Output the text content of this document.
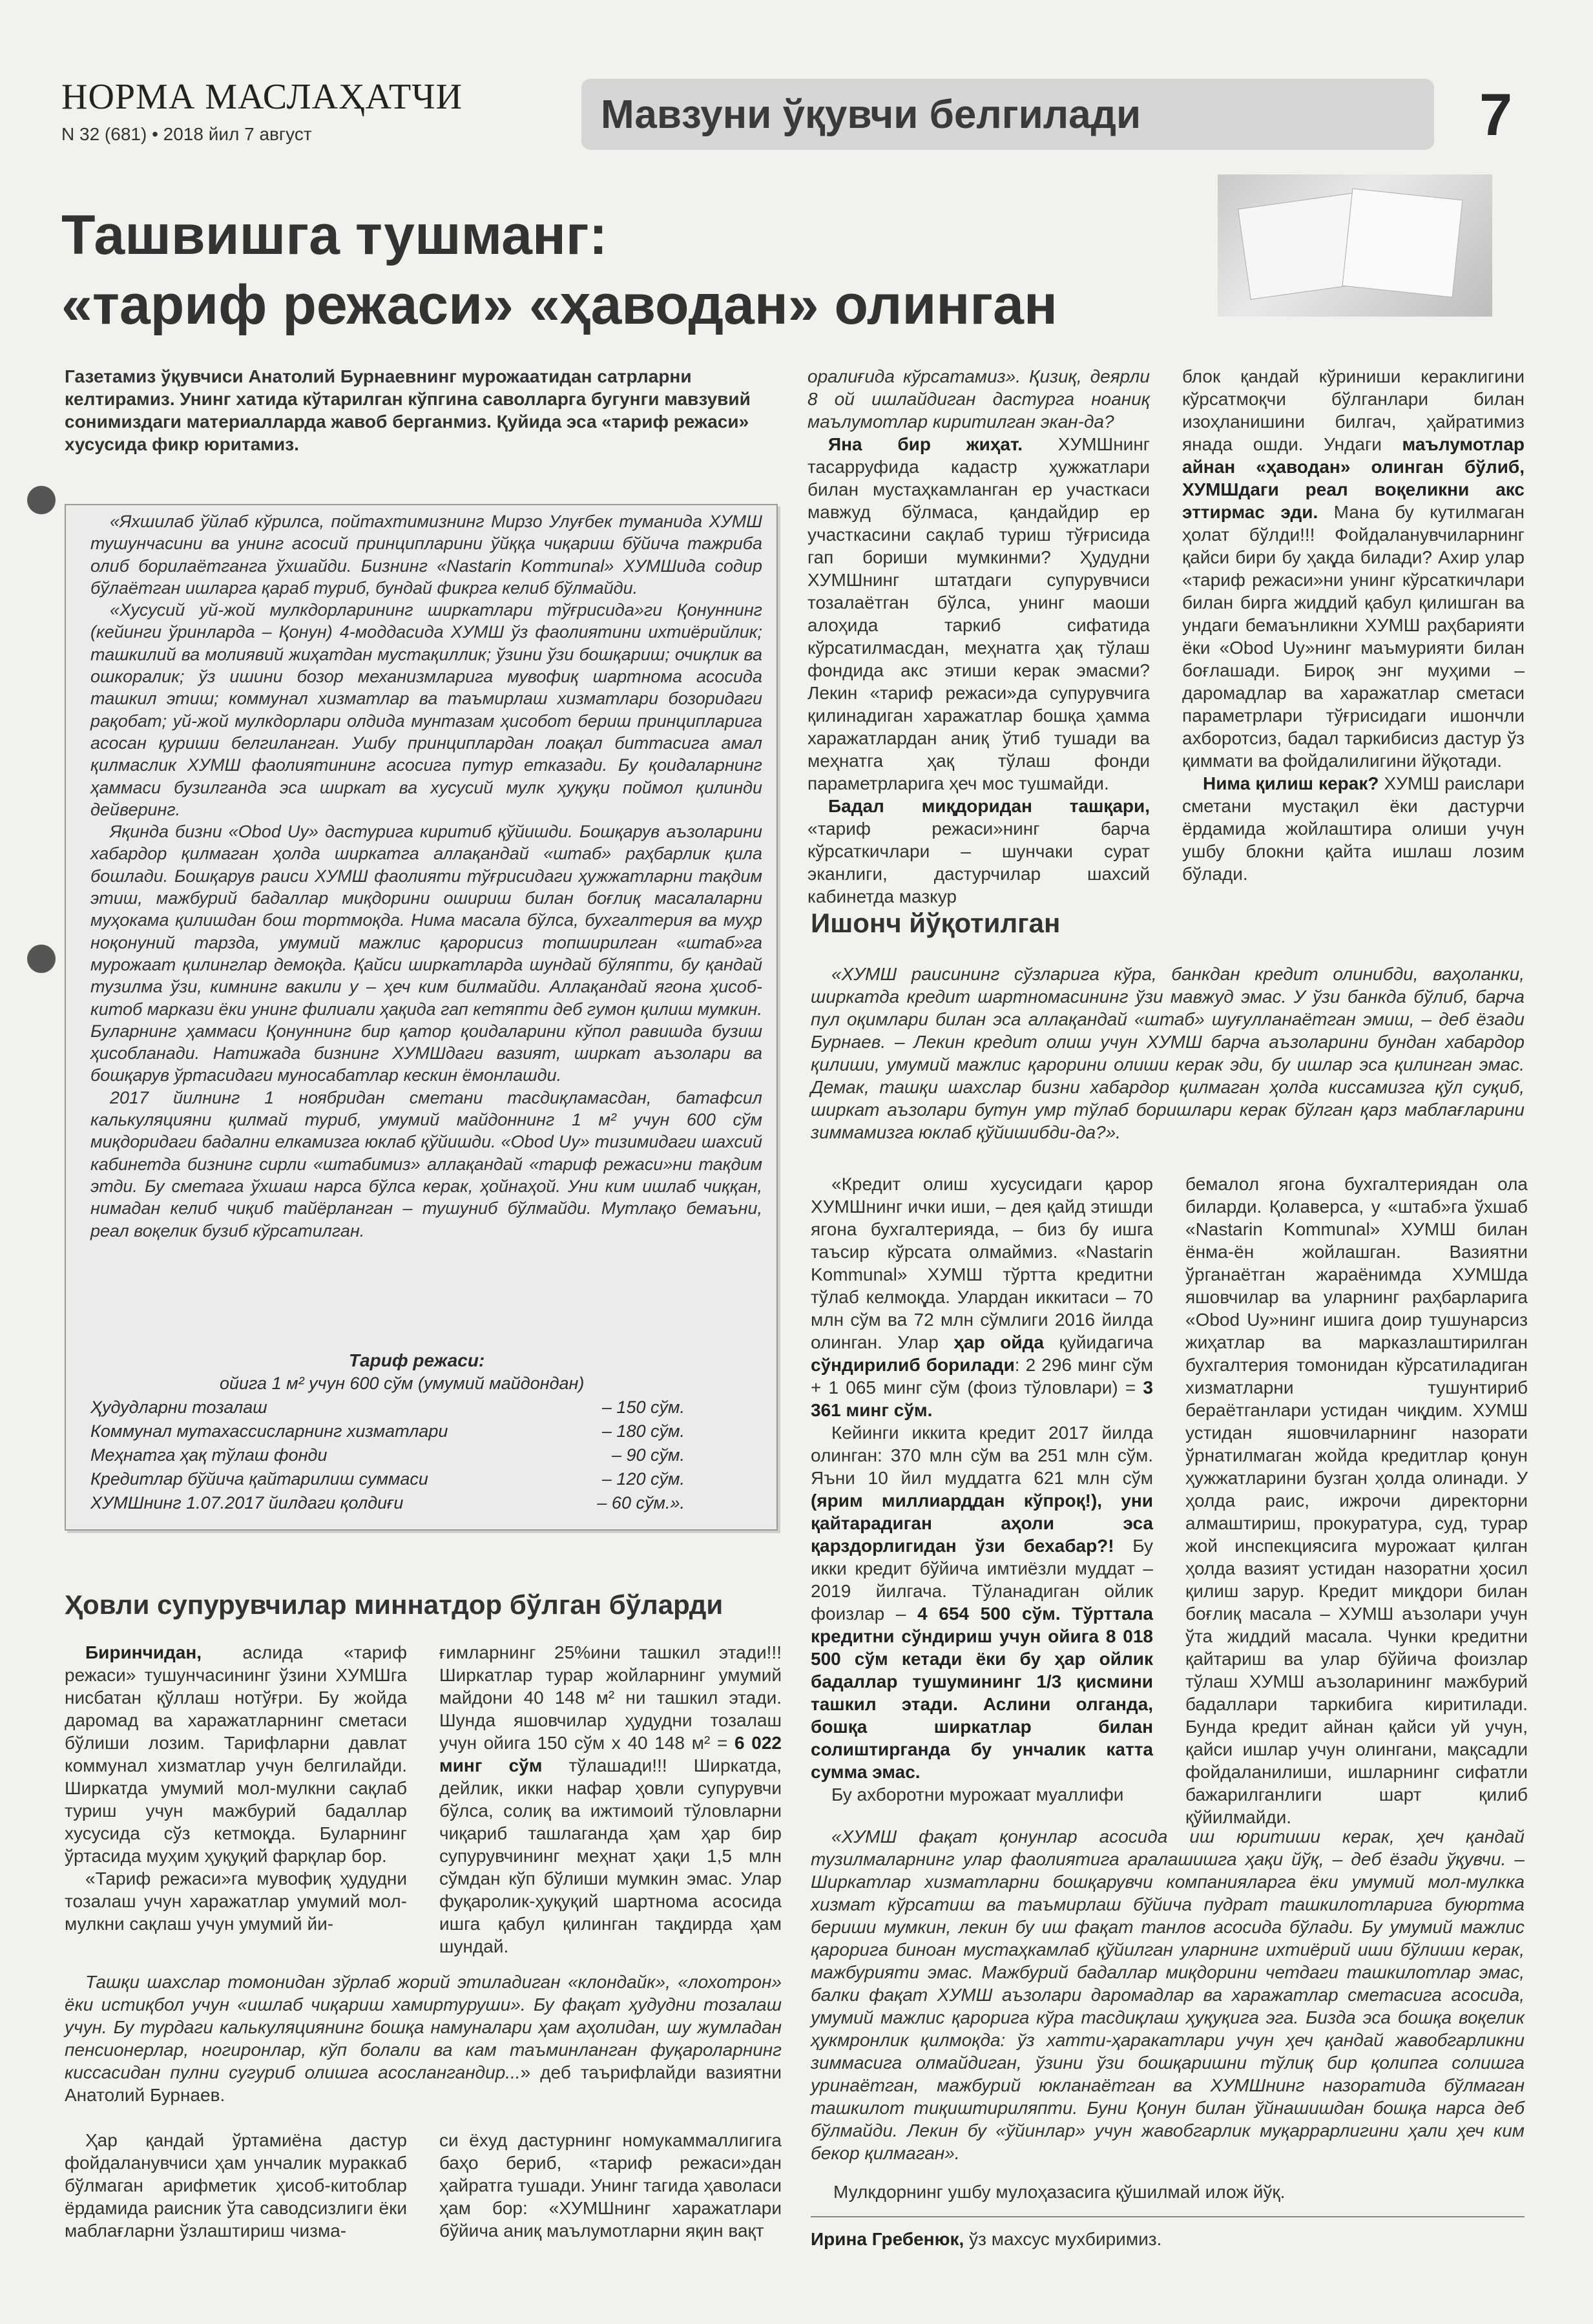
НОРМА МАСЛАҲАТЧИ
N 32 (681) • 2018 йил 7 август	Мавзуни ўқувчи белгилади	7
Ташвишга тушманг:
«тариф режаси» «ҳаводан» олинган
Газетамиз ўқувчиси Анатолий Бурнаевнинг мурожаатидан сатрларни келтирамиз. Унинг хатида кўтарилган кўпгина саволларга бугунги мавзувий сонимиздаги материалларда жавоб берганмиз. Қуйида эса «тариф режаси» хусусида фикр юритамиз.

«Яхшилаб ўйлаб кўрилса, пойтахтимизнинг Мирзо Улуғбек туманида ХУМШ тушунчасини ва унинг асосий принципларини ўйққа чиқариш бўйича тажриба олиб борилаётганга ўхшайди. Бизнинг «Nastarin Kommunal» ХУМШида содир бўлаётган ишларга қараб туриб, бундай фикрга келиб бўлмайди.

«Хусусий уй-жой мулкдорларининг ширкатлари тўғрисида»ги Қонуннинг (кейинги ўринларда – Қонун) 4-моддасида ХУМШ ўз фаолиятини ихтиёрийлик; ташкилий ва молиявий жиҳатдан мустақиллик; ўзини ўзи бошқариш; очиқлик ва ошкоралик; ўз ишини бозор механизмларига мувофиқ шартнома асосида ташкил этиш; коммунал хизматлар ва таъмирлаш хизматлари бозоридаги рақобат; уй-жой мулкдорлари олдида мунтазам ҳисобот бериш принципларига асосан қуриши белгиланган. Ушбу принциплардан лоақал биттасига амал қилмаслик ХУМШ фаолиятининг асосига путур етказади. Бу қоидаларнинг ҳаммаси бузилганда эса ширкат ва хусусий мулк ҳуқуқи поймол қилинди дейверинг.

Яқинда бизни «Obod Uy» дастурига киритиб қўйишди. Бошқарув аъзоларини хабардор қилмаган ҳолда ширкатга аллақандай «штаб» раҳбарлик қила бошлади. Бошқарув раиси ХУМШ фаолияти тўғрисидаги ҳужжатларни тақдим этиш, мажбурий бадаллар миқдорини ошириш билан боғлиқ масалаларни муҳокама қилишдан бош тортмоқда. Нима масала бўлса, бухгалтерия ва муҳр ноқонуний тарзда, умумий мажлис қарорисиз топширилган «штаб»га мурожаат қилинглар демоқда. Қайси ширкатларда шундай бўляпти, бу қандай тузилма ўзи, кимнинг вакили у – ҳеч ким билмайди. Аллақандай ягона ҳисоб-китоб маркази ёки унинг филиали ҳақида гап кетяпти деб гумон қилиш мумкин. Буларнинг ҳаммаси Қонуннинг бир қатор қоидаларини кўпол равишда бузиш ҳисобланади. Натижада бизнинг ХУМШдаги вазият, ширкат аъзолари ва бошқарув ўртасидаги муносабатлар кескин ёмонлашди.

2017 йилнинг 1 ноябридан сметани тасдиқламасдан, батафсил калькуляцияни қилмай туриб, умумий майдоннинг 1 м² учун 600 сўм миқдоридаги бадални елкамизга юклаб қўйишди. «Obod Uy» тизимидаги шахсий кабинетда бизнинг сирли «штабимиз» аллақандай «тариф режаси»ни тақдим этди. Бу сметага ўхшаш нарса бўлса керак, ҳойнаҳой. Уни ким ишлаб чиққан, нимадан келиб чиқиб тайёрланган – тушуниб бўлмайди. Мутлақо бемаъни, реал воқелик бузиб кўрсатилган.

Тариф режаси:
ойига 1 м² учун 600 сўм (умумий майдондан)
Ҳудудларни тозалаш	– 150 сўм.
Коммунал мутахассисларнинг хизматлари	– 180 сўм.
Меҳнатга ҳақ тўлаш фонди	– 90 сўм.
Кредитлар бўйича қайтарилиш суммаси	– 120 сўм.
ХУМШнинг 1.07.2017 йилдаги қолдиғи	– 60 сўм.».

оралиғида кўрсатамиз». Қизиқ, деярли 8 ой ишлайдиган дастурга ноаниқ маълумотлар киритилган экан-да?

Яна бир жиҳат. ХУМШнинг тасарруфида кадастр ҳужжатлари билан мустаҳкамланган ер участкаси мавжуд бўлмаса, қандайдир ер участкасини сақлаб туриш тўғрисида гап бориши мумкинми? Ҳудудни ХУМШнинг штатдаги супурувчиси тозалаётган бўлса, унинг маоши алоҳида таркиб сифатида кўрсатилмасдан, меҳнатга ҳақ тўлаш фондида акс этиши керак эмасми? Лекин «тариф режаси»да супурувчига қилинадиган харажатлар бошқа ҳамма харажатлардан аниқ ўтиб тушади ва меҳнатга ҳақ тўлаш фонди параметрларига ҳеч мос тушмайди.

Бадал миқдоридан ташқари, «тариф режаси»нинг барча кўрсаткичлари – шунчаки сурат эканлиги, дастурчилар шахсий кабинетда мазкур

блок қандай кўриниши кераклигини кўрсатмоқчи бўлганлари билан изоҳланишини билгач, ҳайратимиз янада ошди. Ундаги маълумотлар айнан «ҳаводан» олинган бўлиб, ХУМШдаги реал воқеликни акс эттирмас эди. Мана бу кутилмаган ҳолат бўлди!!! Фойдаланувчиларнинг қайси бири бу ҳақда билади? Ахир улар «тариф режаси»ни унинг кўрсаткичлари билан бирга жиддий қабул қилишган ва ундаги бемаънликни ХУМШ раҳбарияти ёки «Obod Uy»нинг маъмурияти билан боғлашади. Бироқ энг муҳими – даромадлар ва харажатлар сметаси параметрлари тўғрисидаги ишончли ахборотсиз, бадал таркибисиз дастур ўз қиммати ва фойдалилигини йўқотади.

Нима қилиш керак? ХУМШ раислари сметани мустақил ёки дастурчи ёрдамида жойлаштира олиши учун ушбу блокни қайта ишлаш лозим бўлади.

Ишонч йўқотилган

«ХУМШ раисининг сўзларига кўра, банкдан кредит олинибди, ваҳоланки, ширкатда кредит шартномасининг ўзи мавжуд эмас. У ўзи банкда бўлиб, барча пул оқимлари билан эса аллақандай «штаб» шуғулланаётган эмиш, – деб ёзади Бурнаев. – Лекин кредит олиш учун ХУМШ барча аъзоларини бундан хабардор қилиши, умумий мажлис қарорини олиши керак эди, бу ишлар эса қилинган эмас. Демак, ташқи шахслар бизни хабардор қилмаган ҳолда киссамизга қўл суқиб, ширкат аъзолари бутун умр тўлаб боришлари керак бўлган қарз маблағларини зиммамизга юклаб қўйишибди-да?».

«Кредит олиш хусусидаги қарор ХУМШнинг ички иши, – дея қайд этишди ягона бухгалтерияда, – биз бу ишга таъсир кўрсата олмаймиз. «Nastarin Kommunal» ХУМШ тўртта кредитни тўлаб келмоқда. Улардан иккитаси – 70 млн сўм ва 72 млн сўмлиги 2016 йилда олинган. Улар ҳар ойда қуйидагича сўндирилиб борилади: 2 296 минг сўм + 1 065 минг сўм (фоиз тўловлари) = 3 361 минг сўм.

Кейинги иккита кредит 2017 йилда олинган: 370 млн сўм ва 251 млн сўм. Яъни 10 йил муддатга 621 млн сўм (ярим миллиарддан кўпроқ!), уни қайтарадиган аҳоли эса қарздорлигидан ўзи бехабар?! Бу икки кредит бўйича имтиёзли муддат – 2019 йилгача. Тўланадиган ойлик фоизлар – 4 654 500 сўм. Тўрттала кредитни сўндириш учун ойига 8 018 500 сўм кетади ёки бу ҳар ойлик бадаллар тушумининг 1/3 қисмини ташкил этади. Аслини олганда, бошқа ширкатлар билан солиштирганда бу унчалик катта сумма эмас.

Бу ахборотни мурожаат муаллифи

бемалол ягона бухгалтериядан ола биларди. Қолаверса, у «штаб»га ўхшаб «Nastarin Kommunal» ХУМШ билан ёнма-ён жойлашган. Вазиятни ўрганаётган жараёнимда ХУМШда яшовчилар ва уларнинг раҳбарларига «Obod Uy»нинг ишига доир тушунарсиз жиҳатлар ва марказлаштирилган бухгалтерия томонидан кўрсатиладиган хизматларни тушунтириб бераётганлари устидан чиқдим. ХУМШ устидан яшовчиларнинг назорати ўрнатилмаган жойда кредитлар қонун ҳужжатларини бузган ҳолда олинади. У ҳолда раис, ижрочи директорни алмаштириш, прокуратура, суд, турар жой инспекциясига мурожаат қилган ҳолда вазият устидан назоратни ҳосил қилиш зарур. Кредит миқдори билан боғлиқ масала – ХУМШ аъзолари учун ўта жиддий масала. Чунки кредитни қайтариш ва улар бўйича фоизлар тўлаш ХУМШ аъзоларининг мажбурий бадаллари таркибига киритилади. Бунда кредит айнан қайси уй учун, қайси ишлар учун олингани, мақсадли фойдаланилиши, ишларнинг сифатли бажарилганлиги шарт қилиб қўйилмайди.

«ХУМШ фақат қонунлар асосида иш юритиши керак, ҳеч қандай тузилмаларнинг улар фаолиятига аралашишга ҳақи йўқ, – деб ёзади ўқувчи. – Ширкатлар хизматларни бошқарувчи компанияларга ёки умумий мол-мулкка хизмат кўрсатиш ва таъмирлаш бўйича пудрат ташкилотларига буюртма бериши мумкин, лекин бу иш фақат танлов асосида бўлади. Бу умумий мажлис қарорига биноан мустаҳкамлаб қўйилган уларнинг ихтиёрий иши бўлиши керак, мажбурияти эмас. Мажбурий бадаллар миқдорини четдаги ташкилотлар эмас, балки фақат ХУМШ аъзолари даромадлар ва харажатлар сметасига асосида, умумий мажлис қарорига кўра тасдиқлаш ҳуқуқига эга. Бизда эса бошқа воқелик ҳукмронлик қилмоқда: ўз хатти-ҳаракатлари учун ҳеч қандай жавобгарликни зиммасига олмайдиган, ўзини ўзи бошқаришни тўлиқ бир қолипга солишга уринаётган, мажбурий юкланаётган ва ХУМШнинг назоратида бўлмаган ташкилот тиқиштириляпти. Буни Қонун билан ўйнашишдан бошқа нарса деб бўлмайди. Лекин бу «ўйинлар» учун жавобгарлик муқаррарлигини ҳали ҳеч ким бекор қилмаган».

Мулкдорнинг ушбу мулоҳазасига қўшилмай илож йўқ.
Ирина Гребенюк, ўз махсус мухбиримиз.
Ҳовли супурувчилар миннатдор бўлган бўларди

Биринчидан, аслида «тариф режаси» тушунчасининг ўзини ХУМШга нисбатан қўллаш нотўғри. Бу жойда даромад ва харажатларнинг сметаси бўлиши лозим. Тарифларни давлат коммунал хизматлар учун белгилайди. Ширкатда умумий мол-мулкни сақлаб туриш учун мажбурий бадаллар хусусида сўз кетмоқда. Буларнинг ўртасида муҳим ҳуқуқий фарқлар бор.

«Тариф режаси»га мувофиқ ҳудудни тозалаш учун харажатлар умумий мол-мулкни сақлаш учун умумий йи-

ғимларнинг 25%ини ташкил этади!!! Ширкатлар турар жойларнинг умумий майдони 40 148 м² ни ташкил этади. Шунда яшовчилар ҳудудни тозалаш учун ойига 150 сўм х 40 148 м² = 6 022 минг сўм тўлашади!!! Ширкатда, дейлик, икки нафар ҳовли супурувчи бўлса, солиқ ва ижтимоий тўловларни чиқариб ташлаганда ҳам ҳар бир супурувчининг меҳнат ҳақи 1,5 млн сўмдан кўп бўлиши мумкин эмас. Улар фуқаролик-ҳуқуқий шартнома асосида ишга қабул қилинган тақдирда ҳам шундай.

Ташқи шахслар томонидан зўрлаб жорий этиладиган «клондайк», «лохотрон» ёки истиқбол учун «ишлаб чиқариш хамиртуруши». Бу фақат ҳудудни тозалаш учун. Бу турдаги калькуляциянинг бошқа намуналари ҳам аҳолидан, шу жумладан пенсионерлар, ногиронлар, кўп болали ва кам таъминланган фуқароларнинг киссасидан пулни сугуриб олишга асослангандир...» деб таърифлайди вазиятни Анатолий Бурнаев.

Ҳар қандай ўртамиёна дастур фойдаланувчиси ҳам унчалик мураккаб бўлмаган арифметик ҳисоб-китоблар ёрдамида раисник ўта саводсизлиги ёки маблағларни ўзлаштириш чизма-

си ёхуд дастурнинг номукаммаллигига баҳо бериб, «тариф режаси»дан ҳайратга тушади. Унинг тагида ҳаволаси ҳам бор: «ХУМШнинг харажатлари бўйича аниқ маълумотларни яқин вақт
